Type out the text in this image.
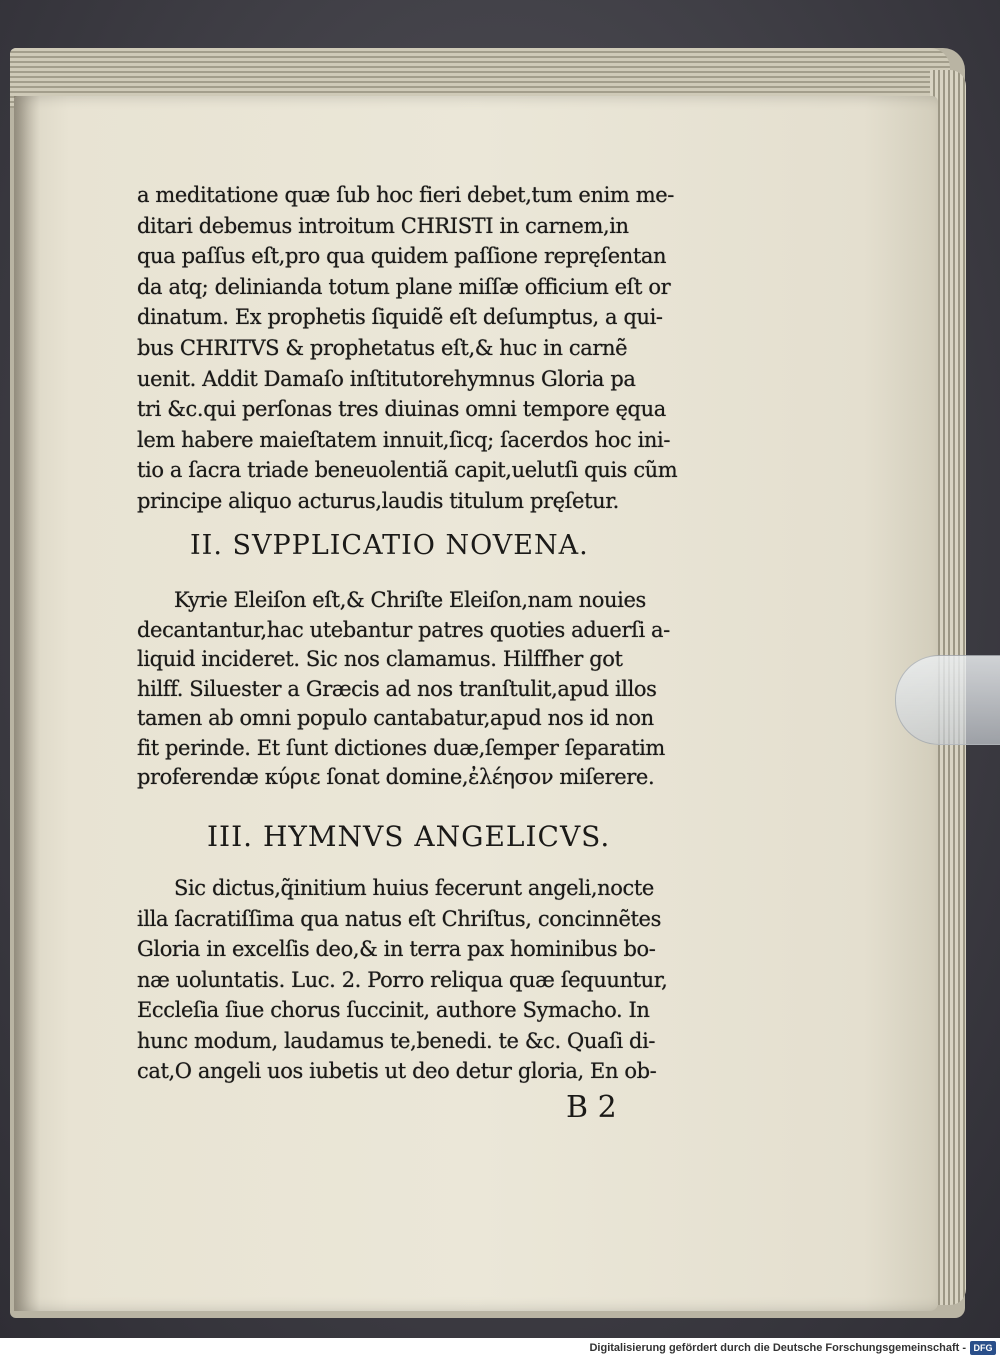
a meditatione quæ ſub hoc fieri debet,tum enim me-
ditari debemus introitum CHRISTI in carnem,in
qua paſſus eſt,pro qua quidem paſſione repręſentan
da atq; delinianda totum plane miſſæ officium eſt or
dinatum. Ex prophetis ſiquidẽ eſt deſumptus, a qui-
bus CHRITVS & prophetatus eſt,& huc in carnẽ
uenit. Addit Damaſo inſtitutorehymnus Gloria pa
tri &c.qui perſonas tres diuinas omni tempore ęqua
lem habere maieſtatem innuit,ſicq; ſacerdos hoc ini-
tio a ſacra triade beneuolentiã capit,uelutſi quis cũm
principe aliquo acturus,laudis titulum pręſetur.
II. SVPPLICATIO NOVENA.
Kyrie Eleiſon eſt,& Chriſte Eleiſon,nam nouies
decantantur,hac utebantur patres quoties aduerſi a-
liquid incideret. Sic nos clamamus. Hilffher got
hilff. Siluester a Græcis ad nos tranſtulit,apud illos
tamen ab omni populo cantabatur,apud nos id non
fit perinde. Et ſunt dictiones duæ,ſemper ſeparatim
proferendæ κύριε ſonat domine,ἐλέησον miſerere.
III. HYMNVS ANGELICVS.
Sic dictus,q̃initium huius fecerunt angeli,nocte
illa ſacratiſſima qua natus eſt Chriſtus, concinnẽtes
Gloria in excelſis deo,& in terra pax hominibus bo-
næ uoluntatis. Luc. 2. Porro reliqua quæ ſequuntur,
Eccleſia ſiue chorus ſuccinit, authore Symacho. In
hunc modum, laudamus te,benedi. te &c. Quaſi di-
cat,O angeli uos iubetis ut deo detur gloria, En ob-
B 2
Digitalisierung gefördert durch die Deutsche Forschungsgemeinschaft - DFG
